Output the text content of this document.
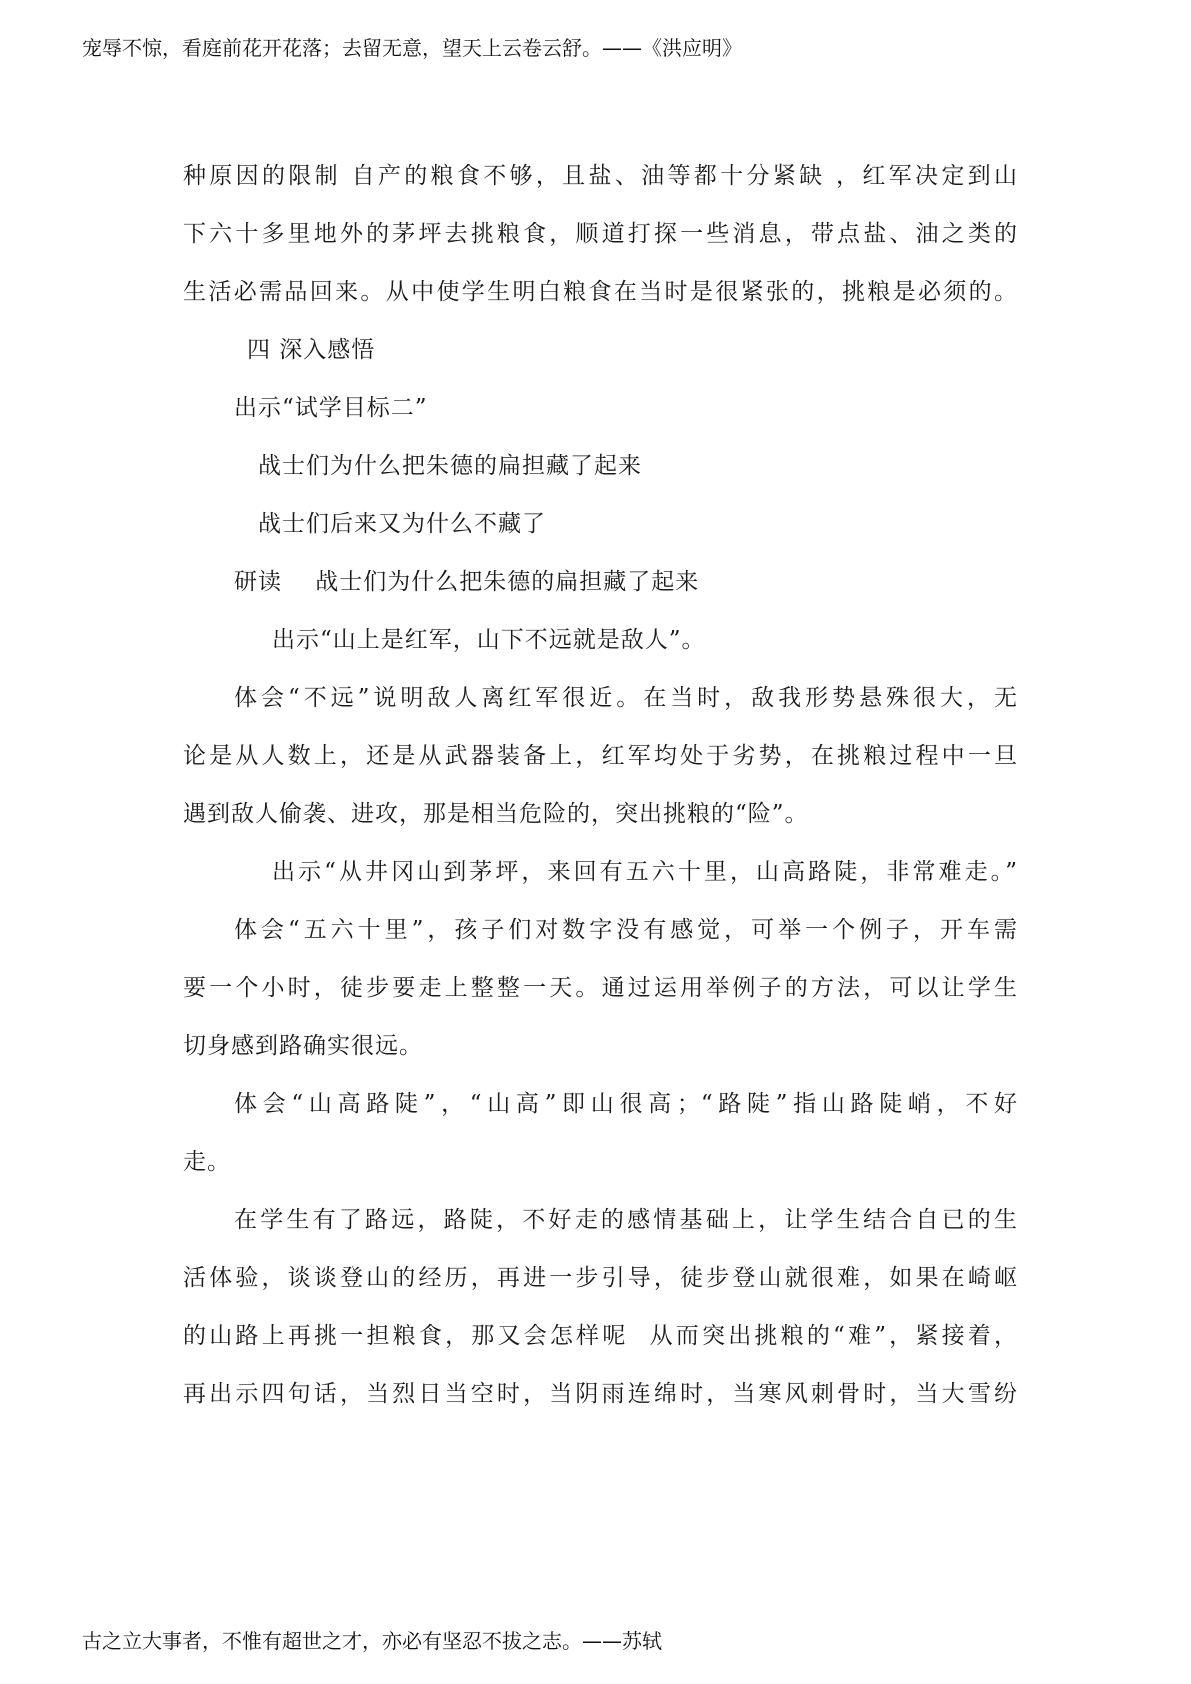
宠辱不惊，看庭前花开花落；去留无意，望天上云卷云舒。——《洪应明》
种原因的限制 自产的粮食不够，且盐、油等都十分紧缺 ，红军决定到山
下六十多里地外的茅坪去挑粮食，顺道打探一些消息，带点盐、油之类的
生活必需品回来。从中使学生明白粮食在当时是很紧张的，挑粮是必须的。
四 深入感悟
出示“试学目标二”
战士们为什么把朱德的扁担藏了起来
战士们后来又为什么不藏了
研读    战士们为什么把朱德的扁担藏了起来
出示“山上是红军，山下不远就是敌人”。
体会“不远”说明敌人离红军很近。在当时，敌我形势悬殊很大，无
论是从人数上，还是从武器装备上，红军均处于劣势，在挑粮过程中一旦
遇到敌人偷袭、进攻，那是相当危险的，突出挑粮的“险”。
出示“从井冈山到茅坪，来回有五六十里，山高路陡，非常难走。”
体会“五六十里”，孩子们对数字没有感觉，可举一个例子，开车需
要一个小时，徒步要走上整整一天。通过运用举例子的方法，可以让学生
切身感到路确实很远。
体会“山高路陡”，“山高”即山很高；“路陡”指山路陡峭，不好
走。
在学生有了路远，路陡，不好走的感情基础上，让学生结合自已的生
活体验，谈谈登山的经历，再进一步引导，徒步登山就很难，如果在崎岖
的山路上再挑一担粮食，那又会怎样呢  从而突出挑粮的“难”，紧接着，
再出示四句话，当烈日当空时，当阴雨连绵时，当寒风刺骨时，当大雪纷
古之立大事者，不惟有超世之才，亦必有坚忍不拔之志。——苏轼
